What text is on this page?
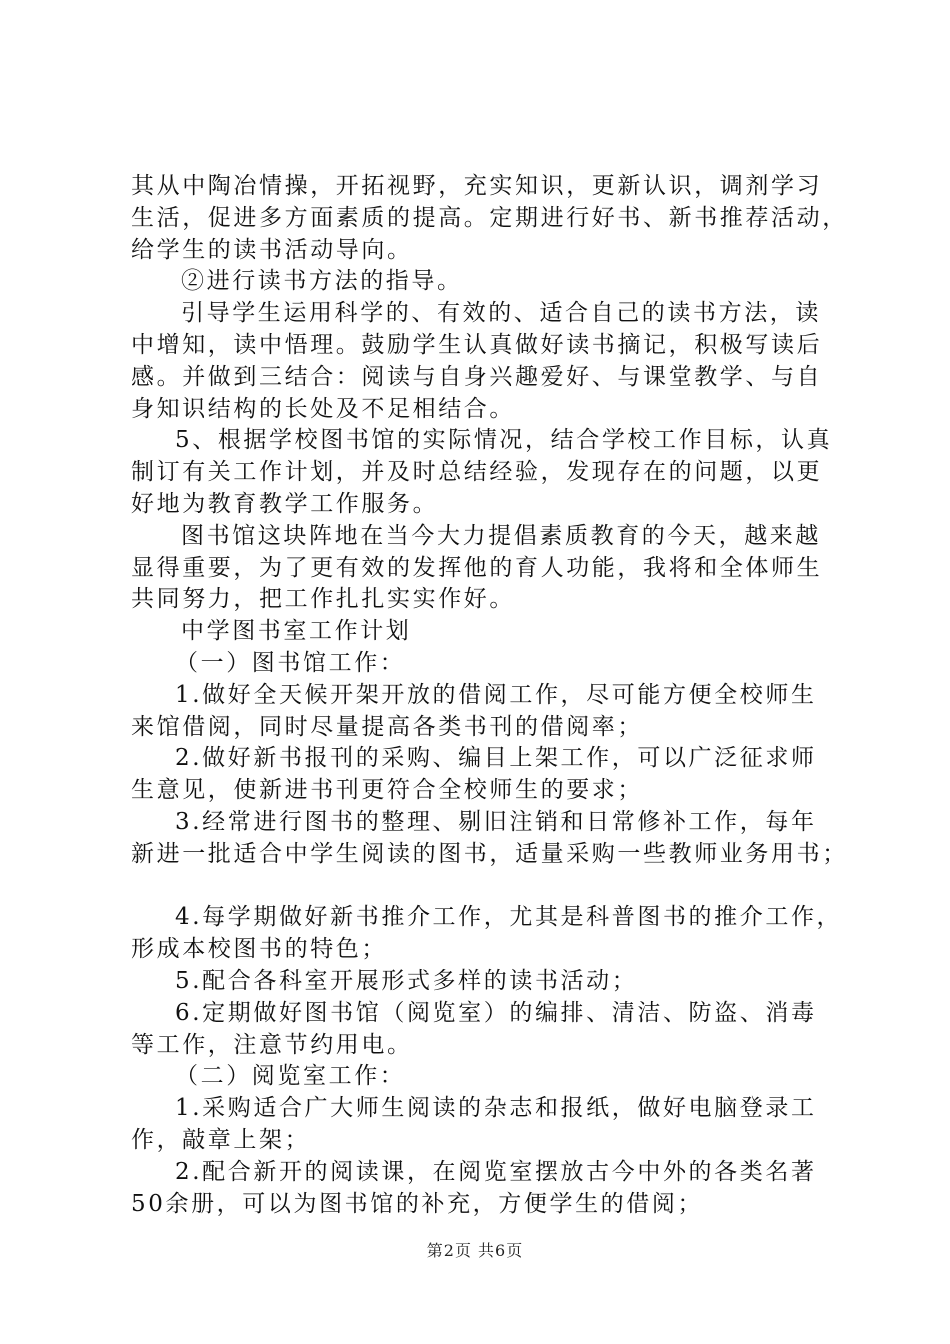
其从中陶冶情操，开拓视野，充实知识，更新认识，调剂学习
生活，促进多方面素质的提高。定期进行好书、新书推荐活动，
给学生的读书活动导向。
②进行读书方法的指导。
引导学生运用科学的、有效的、适合自己的读书方法，读
中增知，读中悟理。鼓励学生认真做好读书摘记，积极写读后
感。并做到三结合：阅读与自身兴趣爱好、与课堂教学、与自
身知识结构的长处及不足相结合。
5、根据学校图书馆的实际情况，结合学校工作目标，认真
制订有关工作计划，并及时总结经验，发现存在的问题，以更
好地为教育教学工作服务。
图书馆这块阵地在当今大力提倡素质教育的今天，越来越
显得重要，为了更有效的发挥他的育人功能，我将和全体师生
共同努力，把工作扎扎实实作好。
中学图书室工作计划
（一）图书馆工作：
1.做好全天候开架开放的借阅工作，尽可能方便全校师生
来馆借阅，同时尽量提高各类书刊的借阅率；
2.做好新书报刊的采购、编目上架工作，可以广泛征求师
生意见，使新进书刊更符合全校师生的要求；
3.经常进行图书的整理、剔旧注销和日常修补工作，每年
新进一批适合中学生阅读的图书，适量采购一些教师业务用书；
4.每学期做好新书推介工作，尤其是科普图书的推介工作，
形成本校图书的特色；
5.配合各科室开展形式多样的读书活动；
6.定期做好图书馆（阅览室）的编排、清洁、防盗、消毒
等工作，注意节约用电。
（二）阅览室工作：
1.采购适合广大师生阅读的杂志和报纸，做好电脑登录工
作，敲章上架；
2.配合新开的阅读课，在阅览室摆放古今中外的各类名著
50余册，可以为图书馆的补充，方便学生的借阅；
第2页 共6页
